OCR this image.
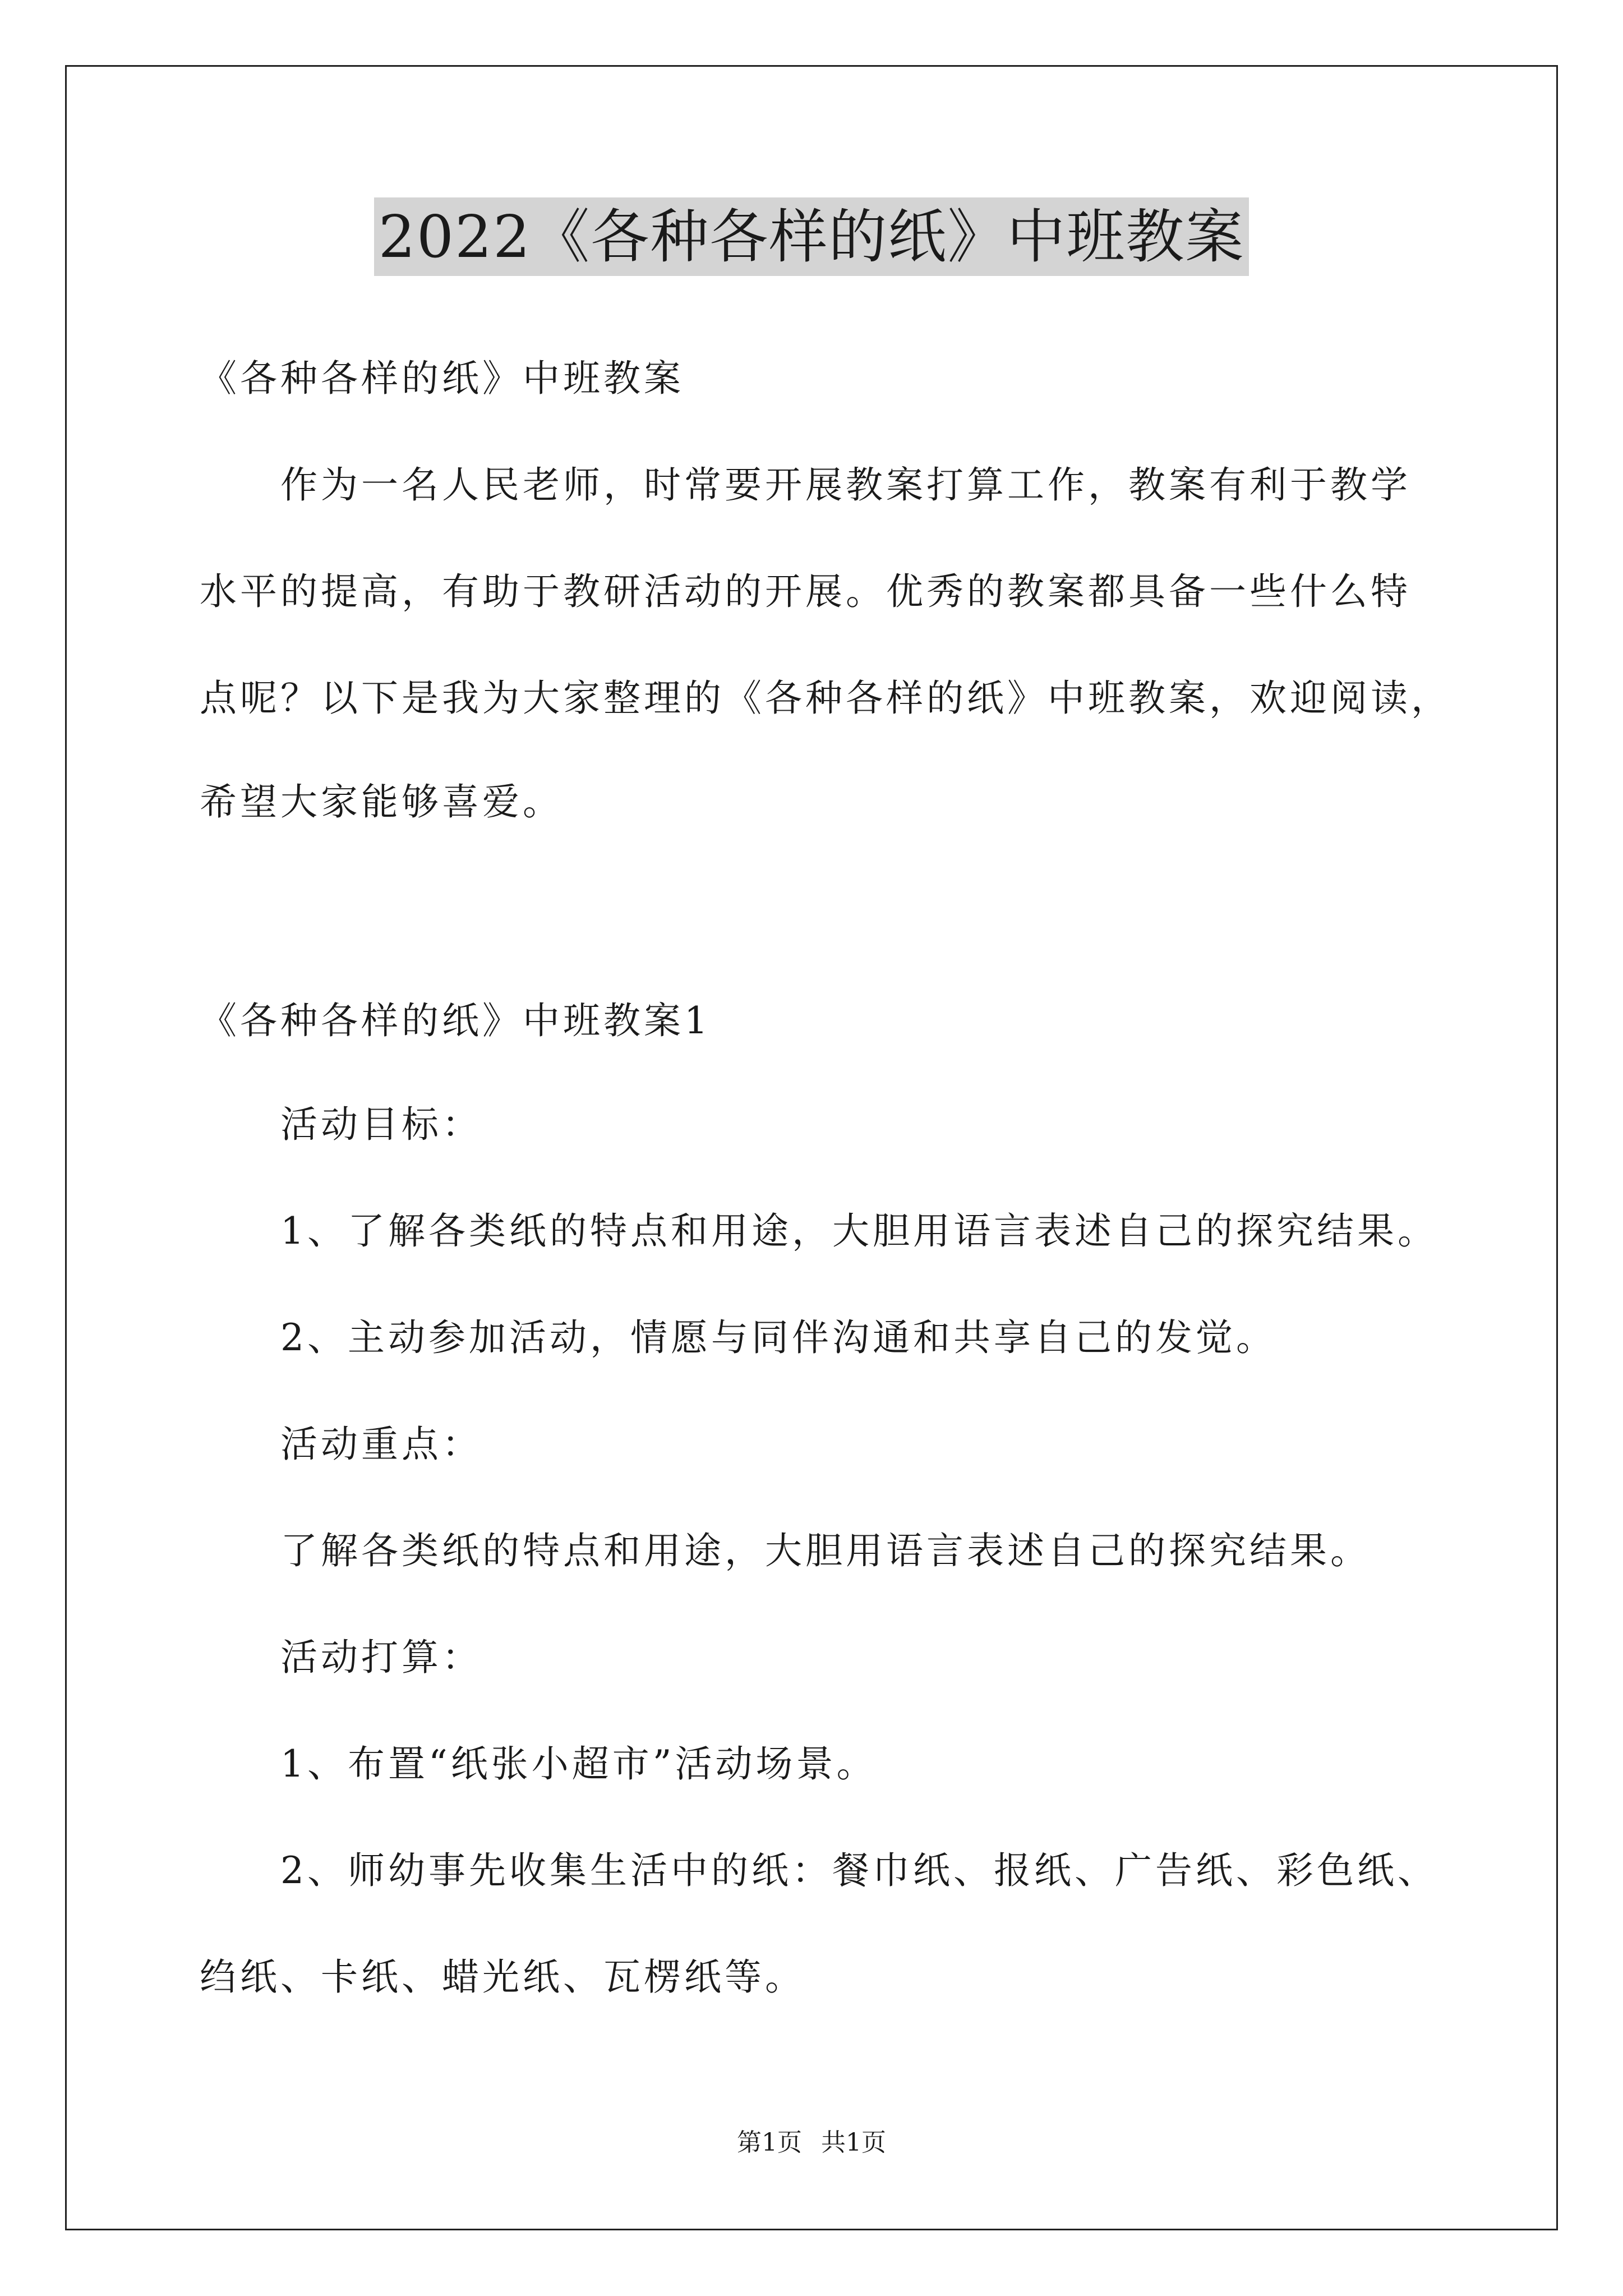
2022《各种各样的纸》中班教案
《各种各样的纸》中班教案
作为一名人民老师，时常要开展教案打算工作，教案有利于教学
水平的提高，有助于教研活动的开展。优秀的教案都具备一些什么特
点呢？以下是我为大家整理的《各种各样的纸》中班教案，欢迎阅读，
希望大家能够喜爱。
《各种各样的纸》中班教案1
活动目标：
1、了解各类纸的特点和用途，大胆用语言表述自己的探究结果。
2、主动参加活动，情愿与同伴沟通和共享自己的发觉。
活动重点：
了解各类纸的特点和用途，大胆用语言表述自己的探究结果。
活动打算：
1、布置“纸张小超市”活动场景。
2、师幼事先收集生活中的纸：餐巾纸、报纸、广告纸、彩色纸、
绉纸、卡纸、蜡光纸、瓦楞纸等。
第1页 共1页
